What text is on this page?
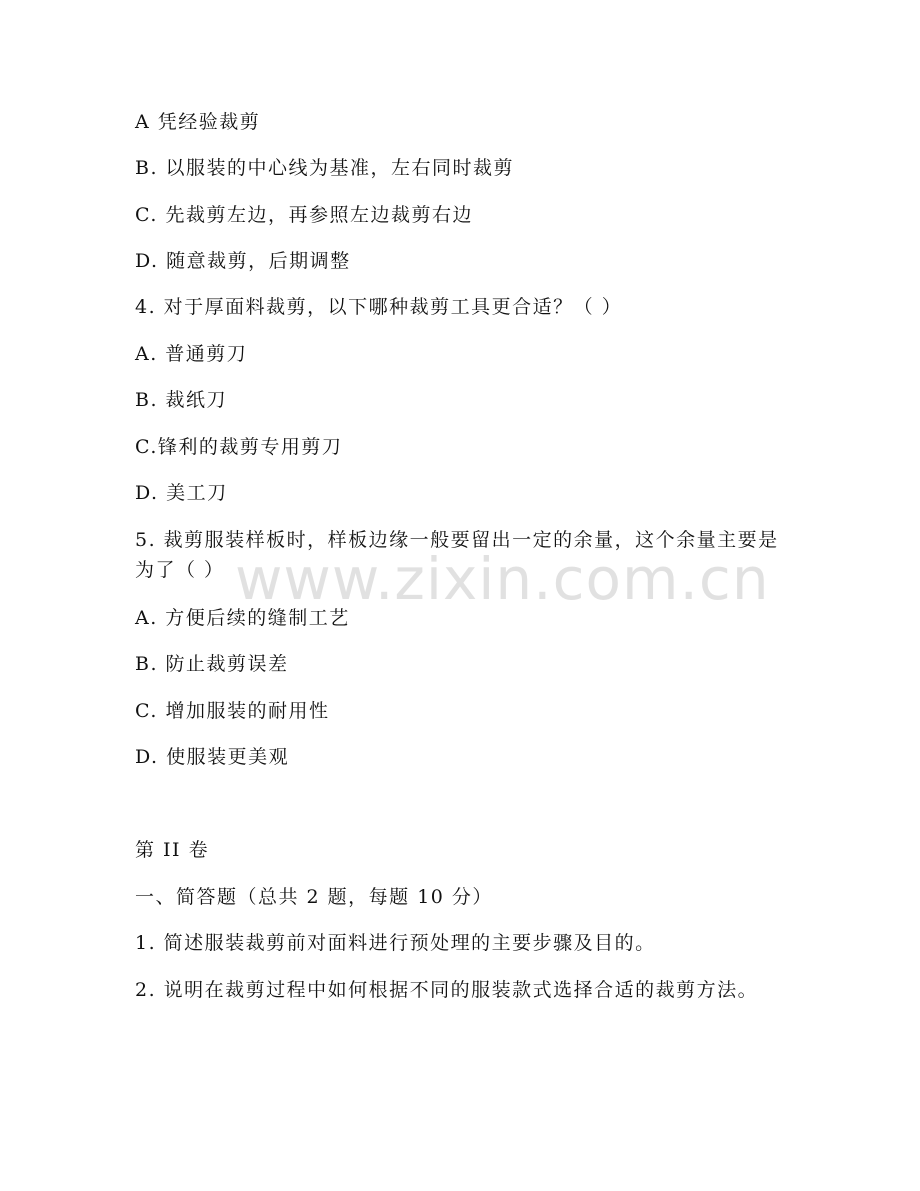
www.zixin.com.cn
A 凭经验裁剪
B. 以服装的中心线为基准，左右同时裁剪
C. 先裁剪左边，再参照左边裁剪右边
D. 随意裁剪，后期调整
4. 对于厚面料裁剪，以下哪种裁剪工具更合适？（ ）
A. 普通剪刀
B. 裁纸刀
C.锋利的裁剪专用剪刀
D. 美工刀
5. 裁剪服装样板时，样板边缘一般要留出一定的余量，这个余量主要是为了（ ）
A. 方便后续的缝制工艺
B. 防止裁剪误差
C. 增加服装的耐用性
D. 使服装更美观
第 II 卷
一、简答题（总共 2 题，每题 10 分）
1. 简述服装裁剪前对面料进行预处理的主要步骤及目的。
2. 说明在裁剪过程中如何根据不同的服装款式选择合适的裁剪方法。
